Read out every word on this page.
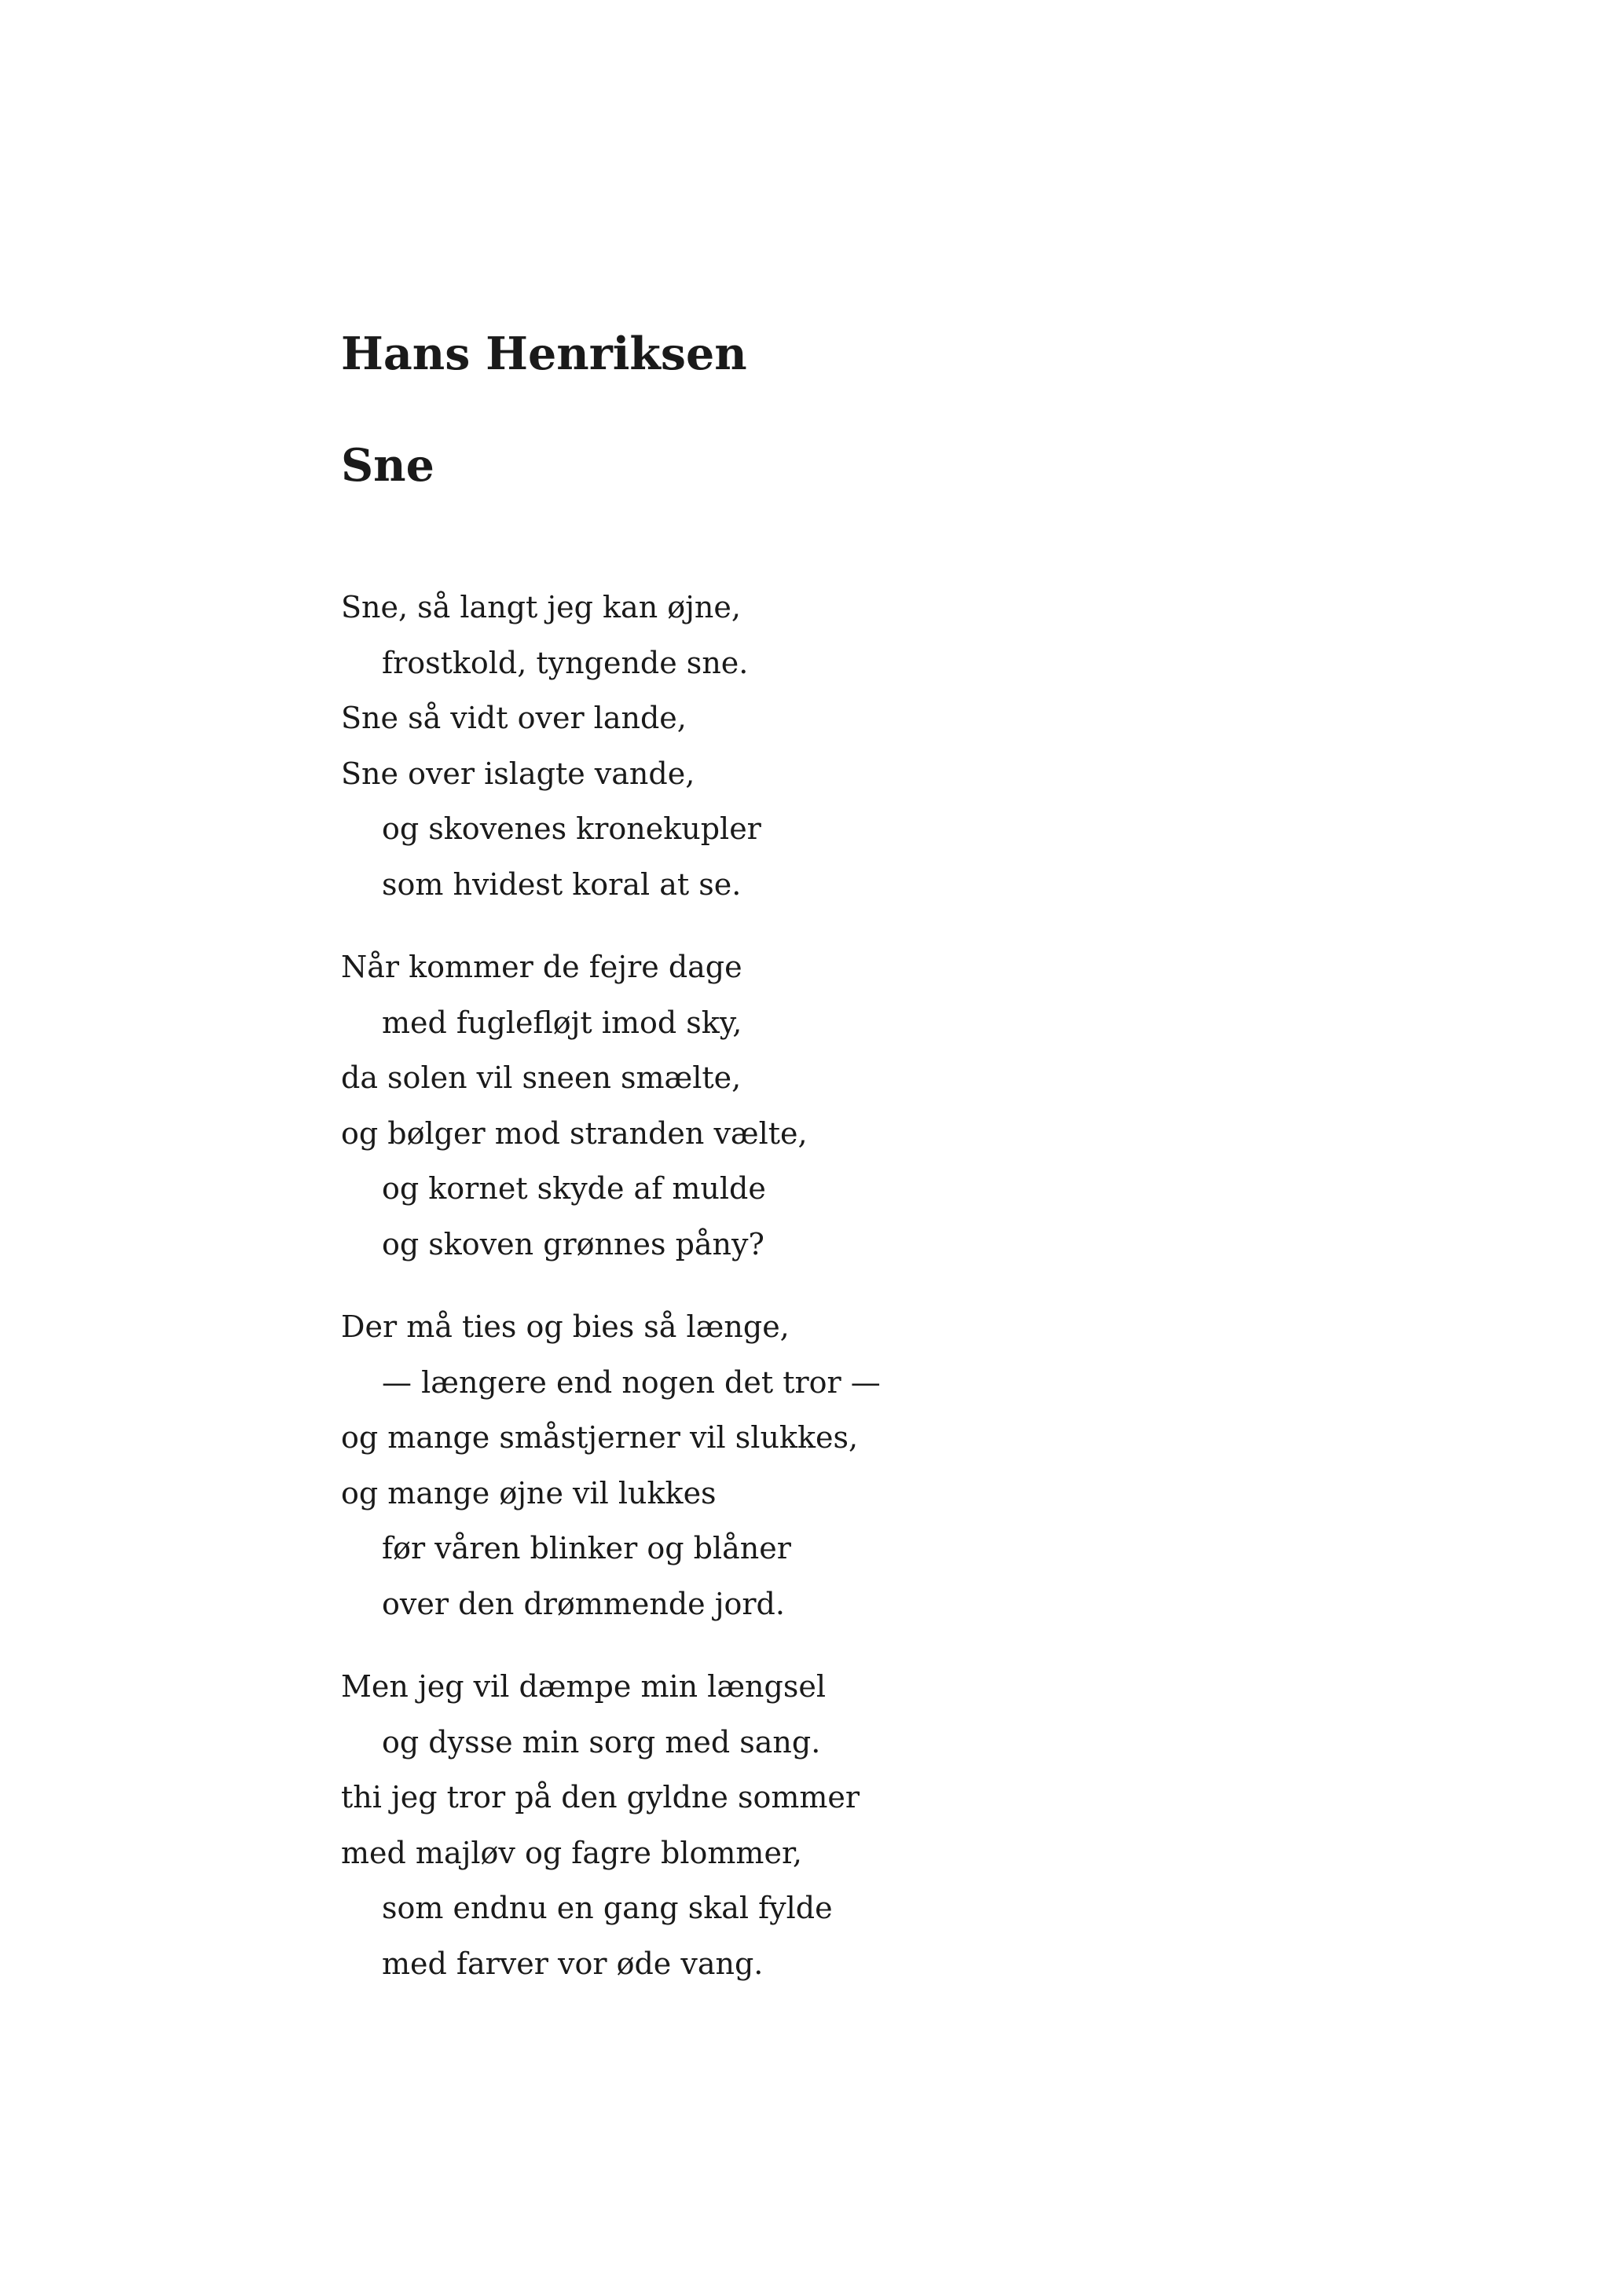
Hans Henriksen
Sne
Sne, så langt jeg kan øjne,
frostkold, tyngende sne.
Sne så vidt over lande,
Sne over islagte vande,
og skovenes kronekupler
som hvidest koral at se.
Når kommer de fejre dage
med fuglefløjt imod sky,
da solen vil sneen smælte,
og bølger mod stranden vælte,
og kornet skyde af mulde
og skoven grønnes påny?
Der må ties og bies så længe,
— længere end nogen det tror —
og mange småstjerner vil slukkes,
og mange øjne vil lukkes
før våren blinker og blåner
over den drømmende jord.
Men jeg vil dæmpe min længsel
og dysse min sorg med sang.
thi jeg tror på den gyldne sommer
med majløv og fagre blommer,
som endnu en gang skal fylde
med farver vor øde vang.
